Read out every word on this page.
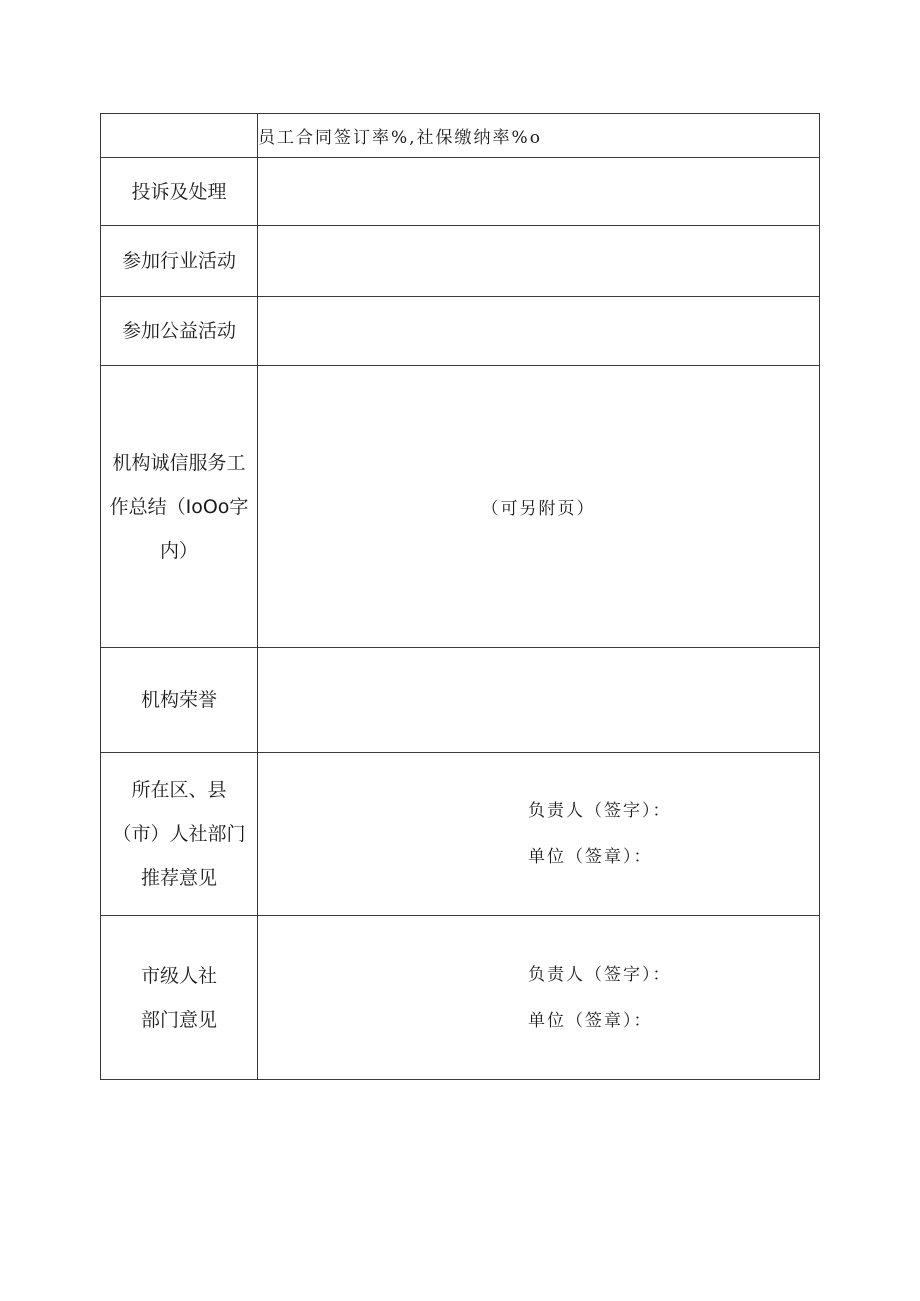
	员工合同签订率%,社保缴纳率%o
投诉及处理	
参加行业活动	
参加公益活动	

机构诚信服务工
作总结（IoOo字
内）	（可另附页）
机构荣誉	

所在区、县
（市）人社部门
推荐意见	负责人（签字）：
单位（签章）：

市级人社
部门意见	负责人（签字）：
单位（签章）：
